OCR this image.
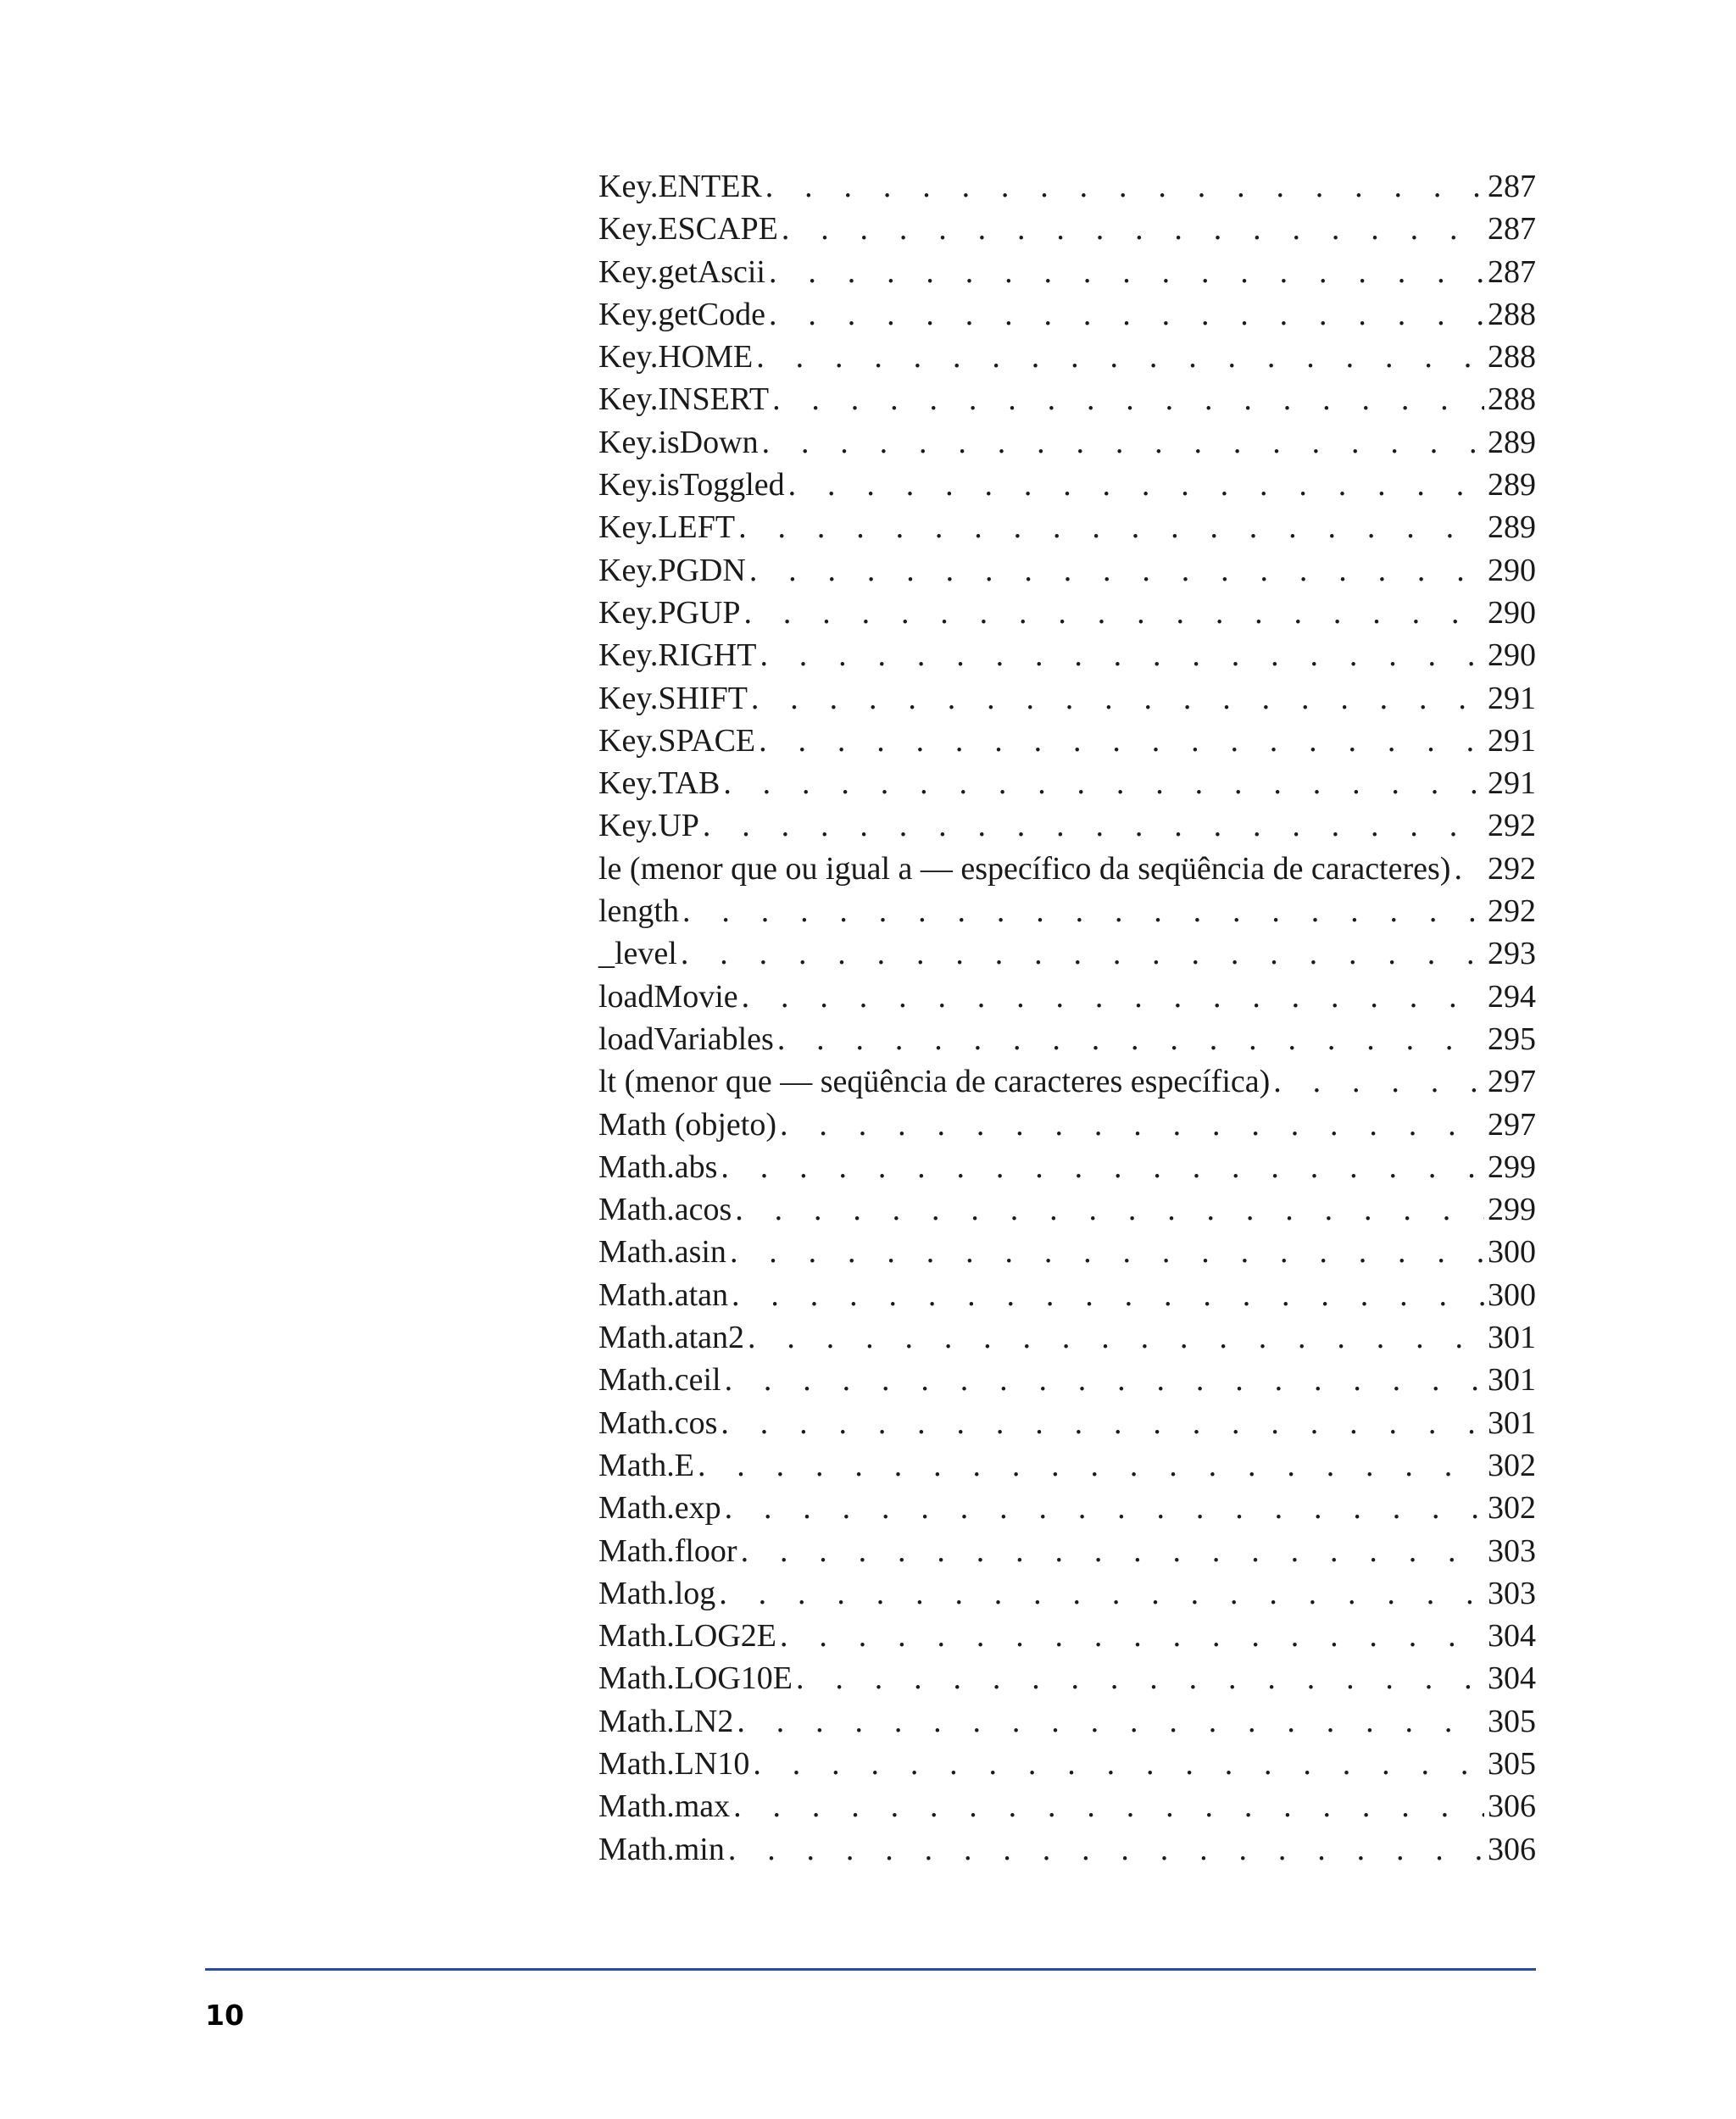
Key.ENTER . . .	287
Key.ESCAPE . . .	287
Key.getAscii . . .	287
Key.getCode . . .	288
Key.HOME . . .	288
Key.INSERT . . .	288
Key.isDown . . .	289
Key.isToggled . . .	289
Key.LEFT . . .	289
Key.PGDN . . .	290
Key.PGUP . . .	290
Key.RIGHT . . .	290
Key.SHIFT . . .	291
Key.SPACE . . .	291
Key.TAB . . .	291
Key.UP . . .	292
le (menor que ou igual a — específico da seqüência de caracteres) . . . 292
length . . .	292
_level . . .	293
loadMovie . . .	294
loadVariables . . .	295
lt (menor que — seqüência de caracteres específica) . . .	297
Math (objeto) . . .	297
Math.abs . . .	299
Math.acos . . .	299
Math.asin . . .	300
Math.atan . . .	300
Math.atan2 . . .	301
Math.ceil . . .	301
Math.cos . . .	301
Math.E . . .	302
Math.exp . . .	302
Math.floor . . .	303
Math.log . . .	303
Math.LOG2E . . .	304
Math.LOG10E . . .	304
Math.LN2 . . .	305
Math.LN10 . . .	305
Math.max . . .	306
Math.min . . .	306
10
